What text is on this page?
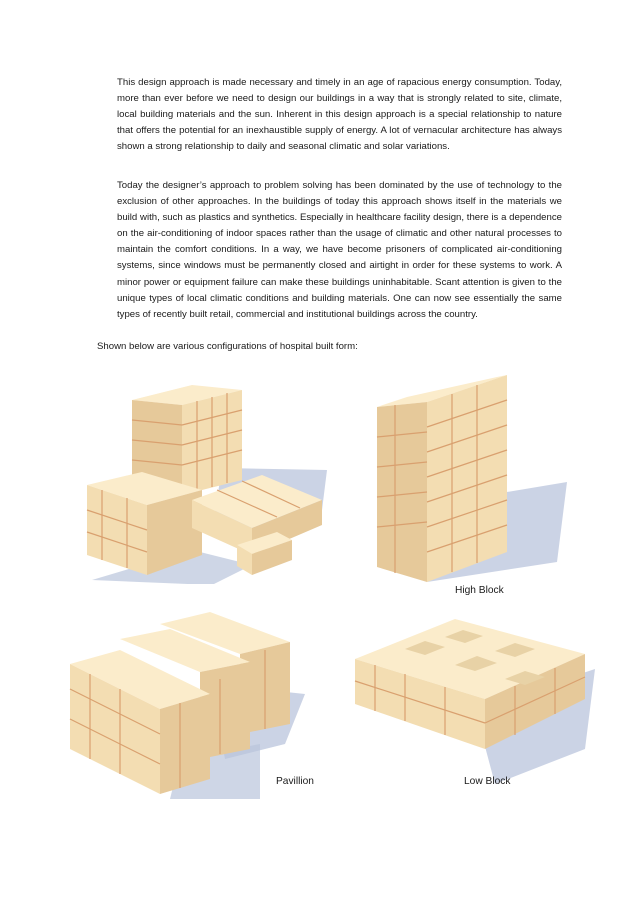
This design approach is made necessary and timely in an age of rapacious energy consumption. Today, more than ever before we need to design our buildings in a way that is strongly related to site, climate, local building materials and the sun. Inherent in this design approach is a special relationship to nature that offers the potential for an inexhaustible supply of energy. A lot of vernacular architecture has always shown a strong relationship to daily and seasonal climatic and solar variations.

Today the designer’s approach to problem solving has been dominated by the use of technology to the exclusion of other approaches. In the buildings of today this approach shows itself in the materials we build with, such as plastics and synthetics. Especially in healthcare facility design, there is a dependence on the air-conditioning of indoor spaces rather than the usage of climatic and other natural processes to maintain the comfort conditions. In a way, we have become prisoners of complicated air-conditioning systems, since windows must be permanently closed and airtight in order for these systems to work. A minor power or equipment failure can make these buildings uninhabitable. Scant attention is given to the unique types of local climatic conditions and building materials. One can now see essentially the same types of recently built retail, commercial and institutional buildings across the country.

Shown below are various configurations of hospital built form:

High Block
Pavillion	Low Block
